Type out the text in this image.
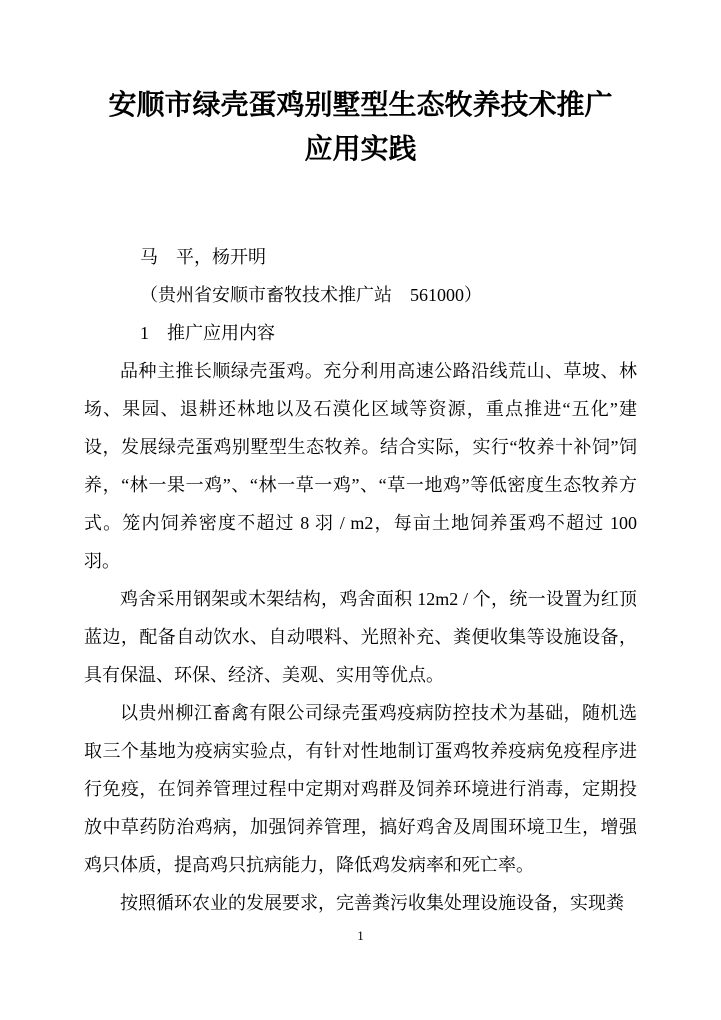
安顺市绿壳蛋鸡别墅型生态牧养技术推广
应用实践
马　平，杨开明
（贵州省安顺市畜牧技术推广站　561000）
1　推广应用内容

品种主推长顺绿壳蛋鸡。充分利用高速公路沿线荒山、草坡、林场、果园、退耕还林地以及石漠化区域等资源，重点推进“五化”建设，发展绿壳蛋鸡别墅型生态牧养。结合实际，实行“牧养十补饲”饲养，“林一果一鸡”、“林一草一鸡”、“草一地鸡”等低密度生态牧养方式。笼内饲养密度不超过 8 羽 / m2，每亩土地饲养蛋鸡不超过 100 羽。

鸡舍采用钢架或木架结构，鸡舍面积 12m2 / 个，统一设置为红顶蓝边，配备自动饮水、自动喂料、光照补充、粪便收集等设施设备，具有保温、环保、经济、美观、实用等优点。

以贵州柳江畜禽有限公司绿壳蛋鸡疫病防控技术为基础，随机选取三个基地为疫病实验点，有针对性地制订蛋鸡牧养疫病免疫程序进行免疫，在饲养管理过程中定期对鸡群及饲养环境进行消毒，定期投放中草药防治鸡病，加强饲养管理，搞好鸡舍及周围环境卫生，增强鸡只体质，提高鸡只抗病能力，降低鸡发病率和死亡率。

按照循环农业的发展要求，完善粪污收集处理设施设备，实现粪

1
